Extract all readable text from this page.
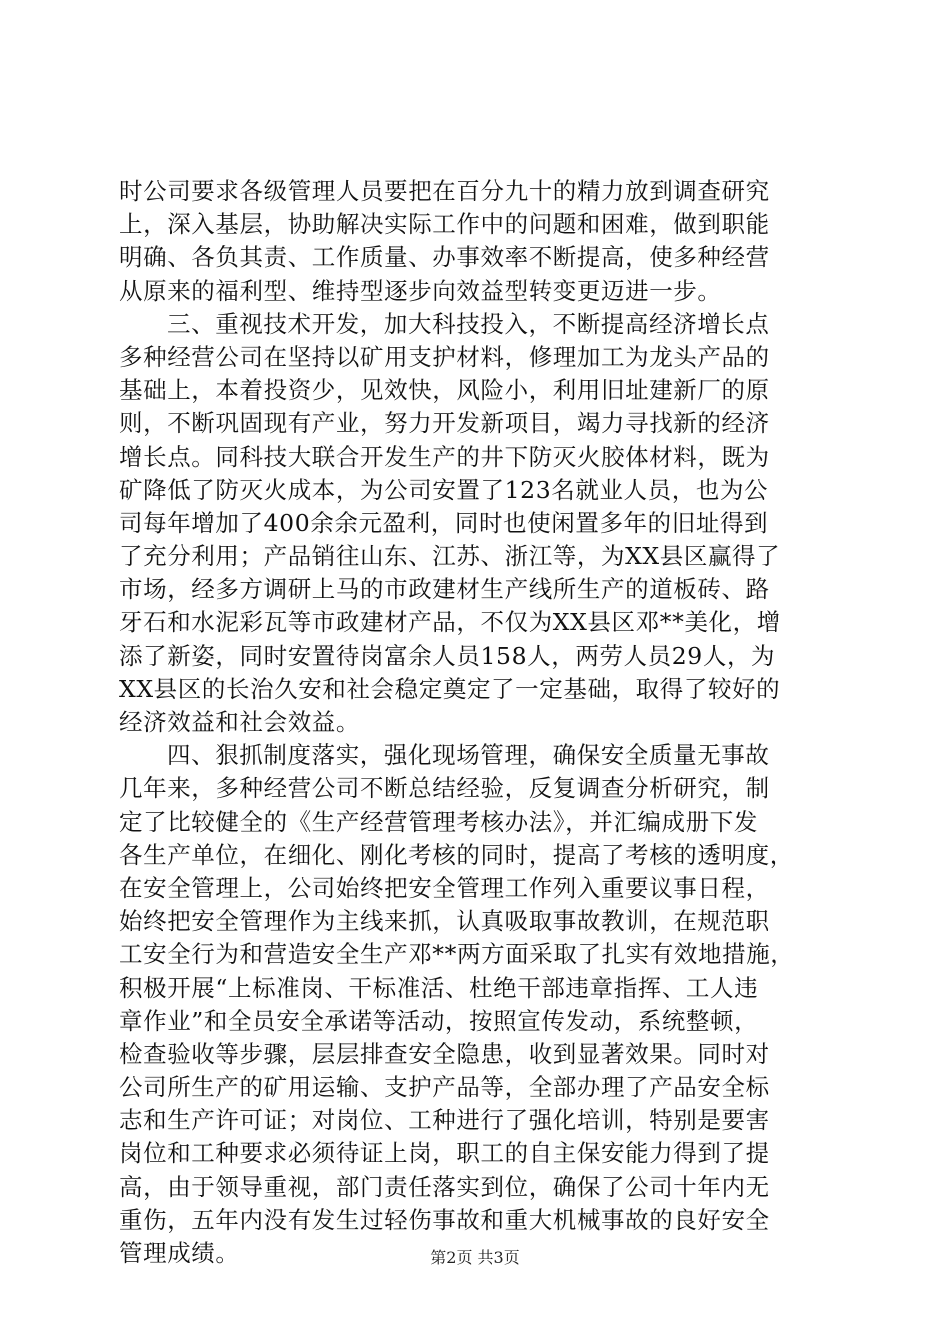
时公司要求各级管理人员要把在百分九十的精力放到调查研究
上，深入基层，协助解决实际工作中的问题和困难，做到职能
明确、各负其责、工作质量、办事效率不断提高，使多种经营
从原来的福利型、维持型逐步向效益型转变更迈进一步。
三、重视技术开发，加大科技投入，不断提高经济增长点
多种经营公司在坚持以矿用支护材料，修理加工为龙头产品的
基础上，本着投资少，见效快，风险小，利用旧址建新厂的原
则，不断巩固现有产业，努力开发新项目，竭力寻找新的经济
增长点。同科技大联合开发生产的井下防灭火胶体材料，既为
矿降低了防灭火成本，为公司安置了123名就业人员，也为公
司每年增加了400余余元盈利，同时也使闲置多年的旧址得到
了充分利用；产品销往山东、江苏、浙江等，为XX县区赢得了
市场，经多方调研上马的市政建材生产线所生产的道板砖、路
牙石和水泥彩瓦等市政建材产品，不仅为XX县区邓**美化，增
添了新姿，同时安置待岗富余人员158人，两劳人员29人，为
XX县区的长治久安和社会稳定奠定了一定基础，取得了较好的
经济效益和社会效益。
四、狠抓制度落实，强化现场管理，确保安全质量无事故
几年来，多种经营公司不断总结经验，反复调查分析研究，制
定了比较健全的《生产经营管理考核办法》，并汇编成册下发
各生产单位，在细化、刚化考核的同时，提高了考核的透明度，
在安全管理上，公司始终把安全管理工作列入重要议事日程，
始终把安全管理作为主线来抓，认真吸取事故教训，在规范职
工安全行为和营造安全生产邓**两方面采取了扎实有效地措施，
积极开展“上标准岗、干标准活、杜绝干部违章指挥、工人违
章作业”和全员安全承诺等活动，按照宣传发动，系统整顿，
检查验收等步骤，层层排查安全隐患，收到显著效果。同时对
公司所生产的矿用运输、支护产品等，全部办理了产品安全标
志和生产许可证；对岗位、工种进行了强化培训，特别是要害
岗位和工种要求必须待证上岗，职工的自主保安能力得到了提
高，由于领导重视，部门责任落实到位，确保了公司十年内无
重伤，五年内没有发生过轻伤事故和重大机械事故的良好安全
管理成绩。	第2页 共3页
